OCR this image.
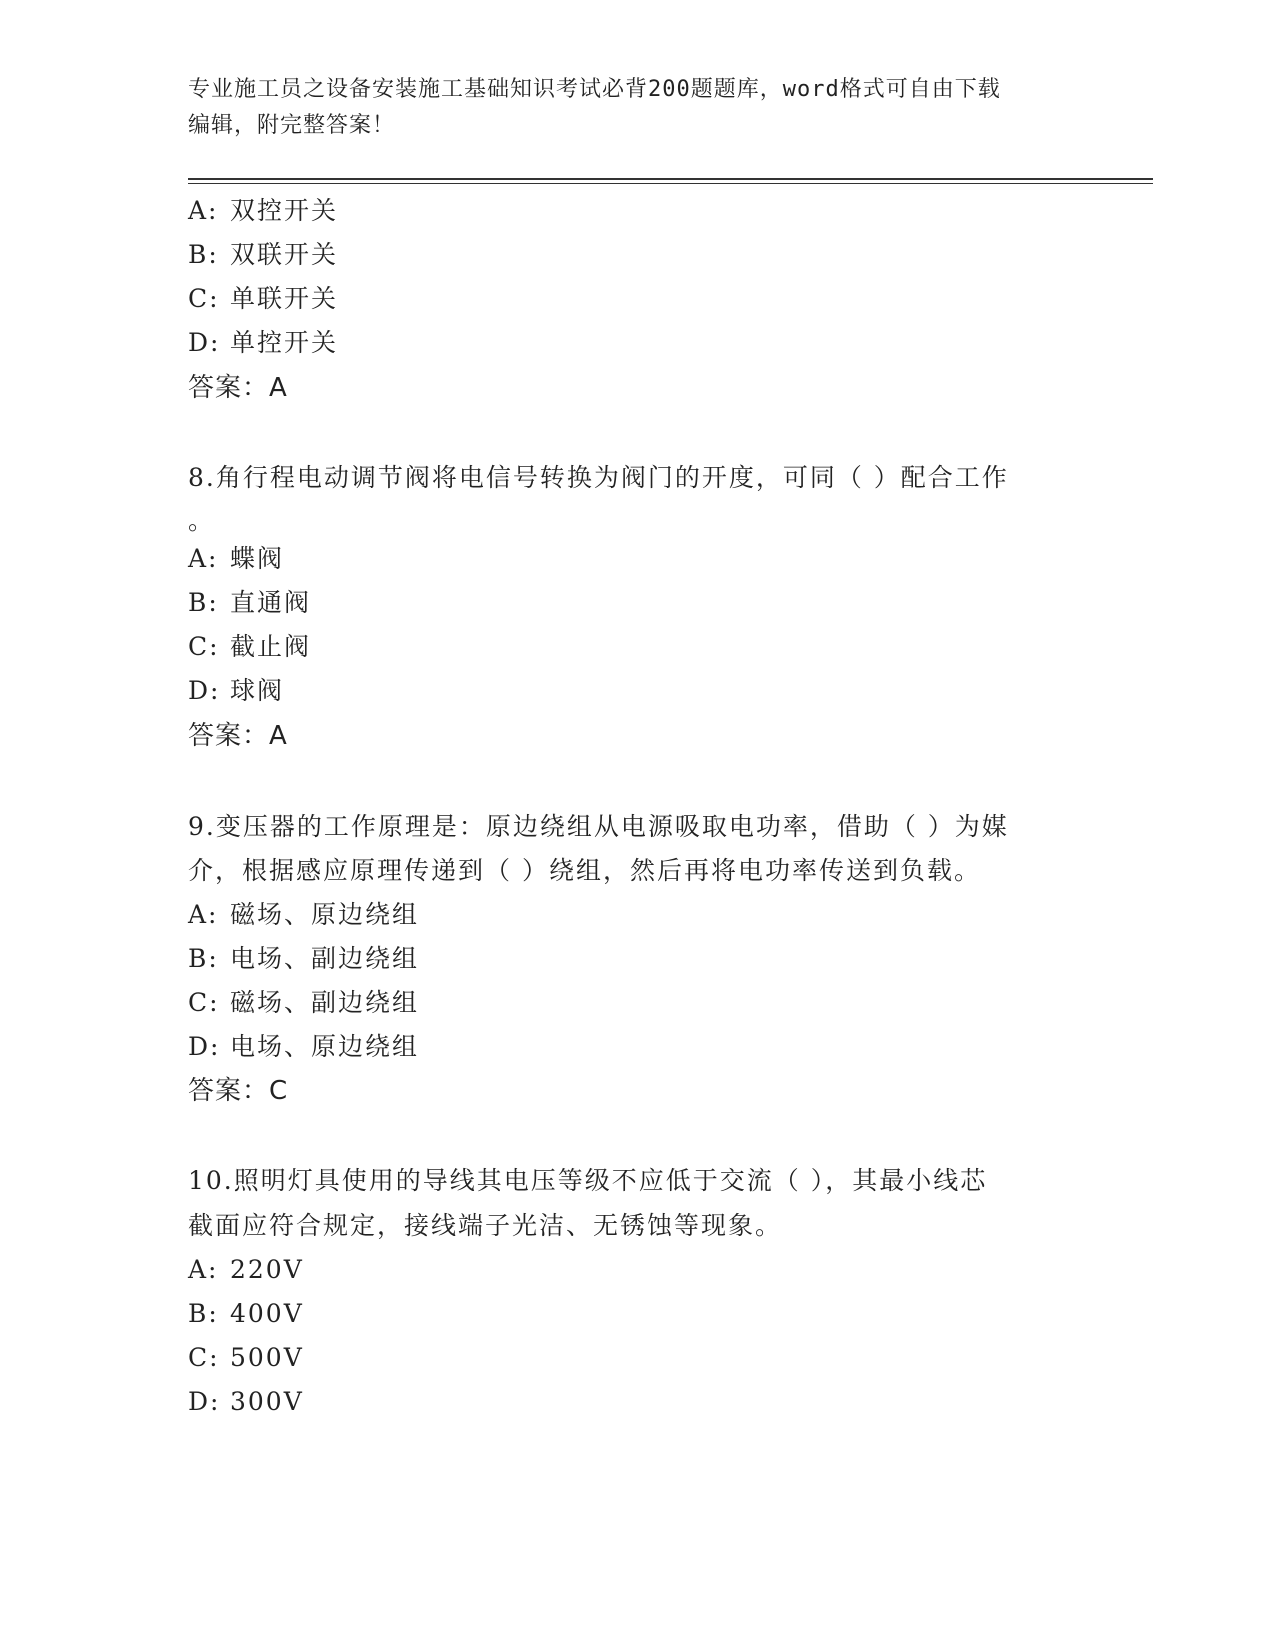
专业施工员之设备安装施工基础知识考试必背200题题库，word格式可自由下载
编辑，附完整答案！
A: 双控开关
B: 双联开关
C: 单联开关
D: 单控开关
答案：A
8.角行程电动调节阀将电信号转换为阀门的开度，可同（ ）配合工作
。
A: 蝶阀
B: 直通阀
C: 截止阀
D: 球阀
答案：A
9.变压器的工作原理是：原边绕组从电源吸取电功率，借助（ ）为媒
介，根据感应原理传递到（ ）绕组，然后再将电功率传送到负载。
A: 磁场、原边绕组
B: 电场、副边绕组
C: 磁场、副边绕组
D: 电场、原边绕组
答案：C
10.照明灯具使用的导线其电压等级不应低于交流（ ），其最小线芯
截面应符合规定，接线端子光洁、无锈蚀等现象。
A: 220V
B: 400V
C: 500V
D: 300V
